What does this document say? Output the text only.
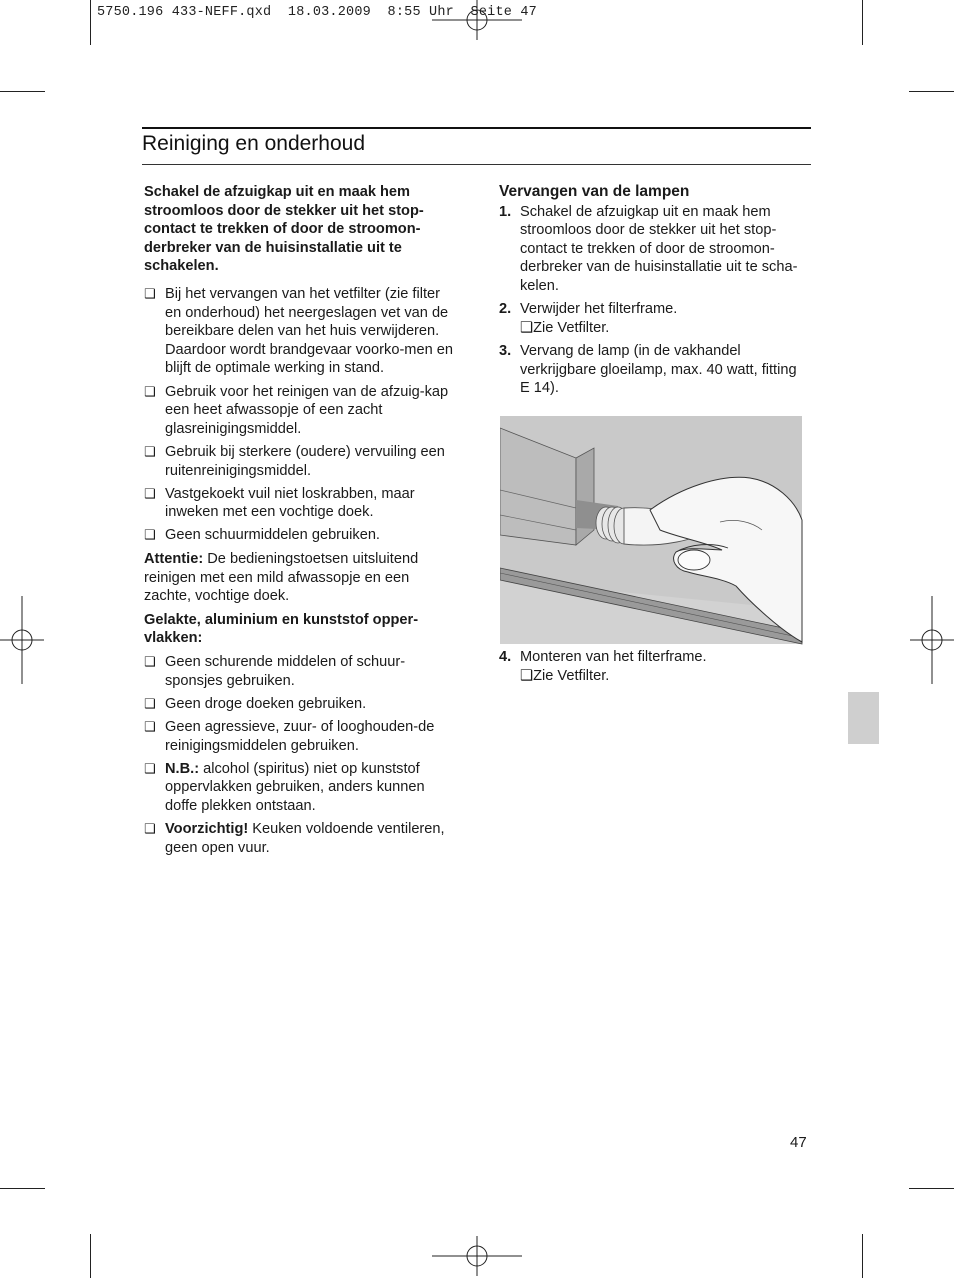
5750.196 433-NEFF.qxd  18.03.2009  8:55 Uhr  Seite 47
Reiniging en onderhoud

Schakel de afzuigkap uit en maak hem stroomloos door de stekker uit het stop-contact te trekken of door de stroomon-derbreker van de huisinstallatie uit te schakelen.

❑ Bij het vervangen van het vetfilter (zie filter en onderhoud) het neergeslagen vet van de bereikbare delen van het huis verwijderen.
Daardoor wordt brandgevaar voorko-men en blijft de optimale werking in stand.
❑ Gebruik voor het reinigen van de afzuig-kap een heet afwassopje of een zacht glasreinigingsmiddel.
❑ Gebruik bij sterkere (oudere) vervuiling een ruitenreinigingsmiddel.
❑ Vastgekoekt vuil niet loskrabben, maar inweken met een vochtige doek.
❑ Geen schuurmiddelen gebruiken.

Attentie: De bedieningstoetsen uitsluitend reinigen met een mild afwassopje en een zachte, vochtige doek.

Gelakte, aluminium en kunststof opper-vlakken:

❑ Geen schurende middelen of schuur-sponsjes gebruiken.
❑ Geen droge doeken gebruiken.
❑ Geen agressieve, zuur- of looghouden-de reinigingsmiddelen gebruiken.
❑ N.B.: alcohol (spiritus) niet op kunststof oppervlakken gebruiken, anders kunnen doffe plekken ontstaan.
❑ Voorzichtig! Keuken voldoende ventileren, geen open vuur.
Vervangen van de lampen
1. Schakel de afzuigkap uit en maak hem stroomloos door de stekker uit het stop-contact te trekken of door de stroomon-derbreker van de huisinstallatie uit te scha-kelen.
2. Verwijder het filterframe.
❑Zie Vetfilter.
3. Vervang de lamp (in de vakhandel verkrijgbare gloeilamp, max. 40 watt, fitting E 14).
4. Monteren van het filterframe.
❑Zie Vetfilter.
47
